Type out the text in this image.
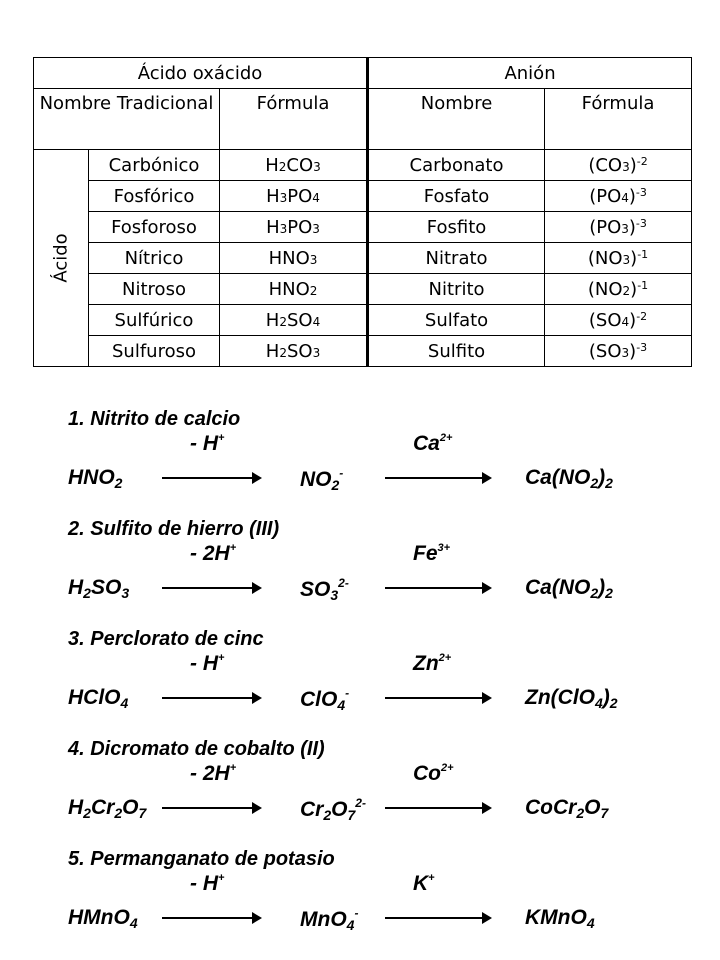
Ácido oxácido			Anión	
Nombre Tradicional		Fórmula	Nombre	Fórmula

Ácido	Carbónico	H2CO3	Carbonato	$(CO3)^{-2}$
	Fosfórico	H3PO4	Fosfato	$(PO4)^{-3}$
	Fosforoso	H3PO3	Fosfito	$(PO3)^{-3}$
	Nítrico	HNO3	Nitrato	$(NO3)^{-1}$
	Nitroso	HNO2	Nitrito	$(NO2)^{-1}$
	Sulfúrico	H2SO4	Sulfato	$(SO4)^{-2}$
	Sulfuroso	H2SO3	Sulfito	$(SO3)^{-3}$
1. Nitrito de calcio
HNO2
- H+
NO2-
$Ca^{2+}$
Ca(NO2)2
2. Sulfito de hierro (III)
H2SO3
- 2H+
$SO3^{2-}$
$Fe^{3+}$
Ca(NO2)2
3. Perclorato de cinc
HClO4
- H+
ClO4-
$Zn^{2+}$
Zn(ClO4)2
4. Dicromato de cobalto (II)
H2Cr2O7
- 2H+
$Cr2O7^{2-}$
$Co^{2+}$
CoCr2O7
5. Permanganato de potasio
HMnO4
- H+
MnO4-
K+
KMnO4
